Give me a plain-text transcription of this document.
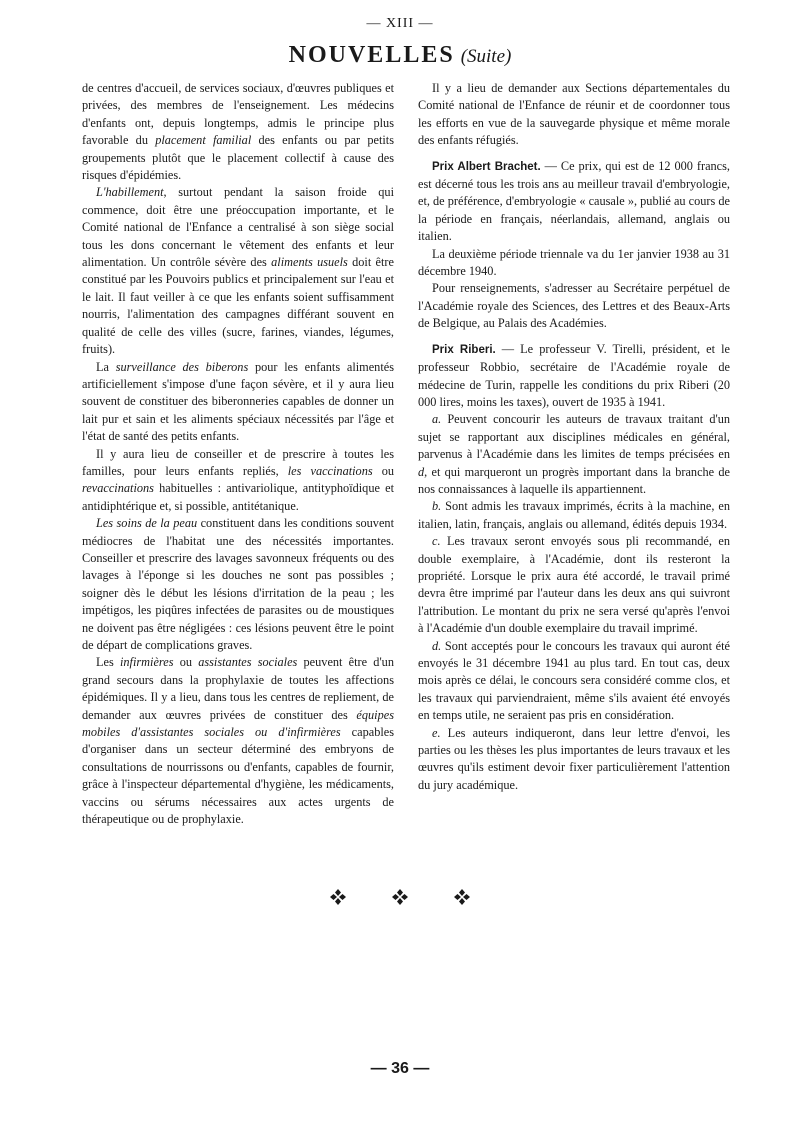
— XIII —
NOUVELLES (Suite)

de centres d'accueil, de services sociaux, d'œuvres publiques et privées, des membres de l'enseignement. Les médecins d'enfants ont, depuis longtemps, admis le principe plus favorable du placement familial des enfants ou par petits groupements plutôt que le placement collectif à cause des risques d'épidémies.

L'habillement, surtout pendant la saison froide qui commence, doit être une préoccupation importante, et le Comité national de l'Enfance a centralisé à son siège social tous les dons concernant le vêtement des enfants et leur alimentation. Un contrôle sévère des aliments usuels doit être constitué par les Pouvoirs publics et principalement sur l'eau et le lait. Il faut veiller à ce que les enfants soient suffisamment nourris, l'alimentation des campagnes différant souvent en qualité de celle des villes (sucre, farines, viandes, légumes, fruits).

La surveillance des biberons pour les enfants alimentés artificiellement s'impose d'une façon sévère, et il y aura lieu souvent de constituer des biberonneries capables de donner un lait pur et sain et les aliments spéciaux nécessités par l'âge et l'état de santé des petits enfants.

Il y aura lieu de conseiller et de prescrire à toutes les familles, pour leurs enfants repliés, les vaccinations ou revaccinations habituelles : antivariolique, antityphoïdique et antidiphtérique et, si possible, antitétanique.

Les soins de la peau constituent dans les conditions souvent médiocres de l'habitat une des nécessités importantes. Conseiller et prescrire des lavages savonneux fréquents ou des lavages à l'éponge si les douches ne sont pas possibles ; soigner dès le début les lésions d'irritation de la peau ; les impétigos, les piqûres infectées de parasites ou de moustiques ne doivent pas être négligées : ces lésions peuvent être le point de départ de complications graves.

Les infirmières ou assistantes sociales peuvent être d'un grand secours dans la prophylaxie de toutes les affections épidémiques. Il y a lieu, dans tous les centres de repliement, de demander aux œuvres privées de constituer des équipes mobiles d'assistantes sociales ou d'infirmières capables d'organiser dans un secteur déterminé des embryons de consultations de nourrissons ou d'enfants, capables de fournir, grâce à l'inspecteur départemental d'hygiène, les médicaments, vaccins ou sérums nécessaires aux actes urgents de thérapeutique ou de prophylaxie.

Il y a lieu de demander aux Sections départementales du Comité national de l'Enfance de réunir et de coordonner tous les efforts en vue de la sauvegarde physique et même morale des enfants réfugiés.

Prix Albert Brachet. — Ce prix, qui est de 12 000 francs, est décerné tous les trois ans au meilleur travail d'embryologie, et, de préférence, d'embryologie « causale », publié au cours de la période en français, néerlandais, allemand, anglais ou italien.

La deuxième période triennale va du 1er janvier 1938 au 31 décembre 1940.

Pour renseignements, s'adresser au Secrétaire perpétuel de l'Académie royale des Sciences, des Lettres et des Beaux-Arts de Belgique, au Palais des Académies.

Prix Riberi. — Le professeur V. Tirelli, président, et le professeur Robbio, secrétaire de l'Académie royale de médecine de Turin, rappelle les conditions du prix Riberi (20 000 lires, moins les taxes), ouvert de 1935 à 1941.

a. Peuvent concourir les auteurs de travaux traitant d'un sujet se rapportant aux disciplines médicales en général, parvenus à l'Académie dans les limites de temps précisées en d, et qui marqueront un progrès important dans la branche de nos connaissances à laquelle ils appartiennent.

b. Sont admis les travaux imprimés, écrits à la machine, en italien, latin, français, anglais ou allemand, édités depuis 1934.

c. Les travaux seront envoyés sous pli recommandé, en double exemplaire, à l'Académie, dont ils resteront la propriété. Lorsque le prix aura été accordé, le travail primé devra être imprimé par l'auteur dans les deux ans qui suivront l'attribution. Le montant du prix ne sera versé qu'après l'envoi à l'Académie d'un double exemplaire du travail imprimé.

d. Sont acceptés pour le concours les travaux qui auront été envoyés le 31 décembre 1941 au plus tard. En tout cas, deux mois après ce délai, le concours sera considéré comme clos, et les travaux qui parviendraient, même s'ils avaient été envoyés en temps utile, ne seraient pas pris en considération.

e. Les auteurs indiqueront, dans leur lettre d'envoi, les parties ou les thèses les plus importantes de leurs travaux et les œuvres qu'ils estiment devoir fixer particulièrement l'attention du jury académique.

— 36 —
